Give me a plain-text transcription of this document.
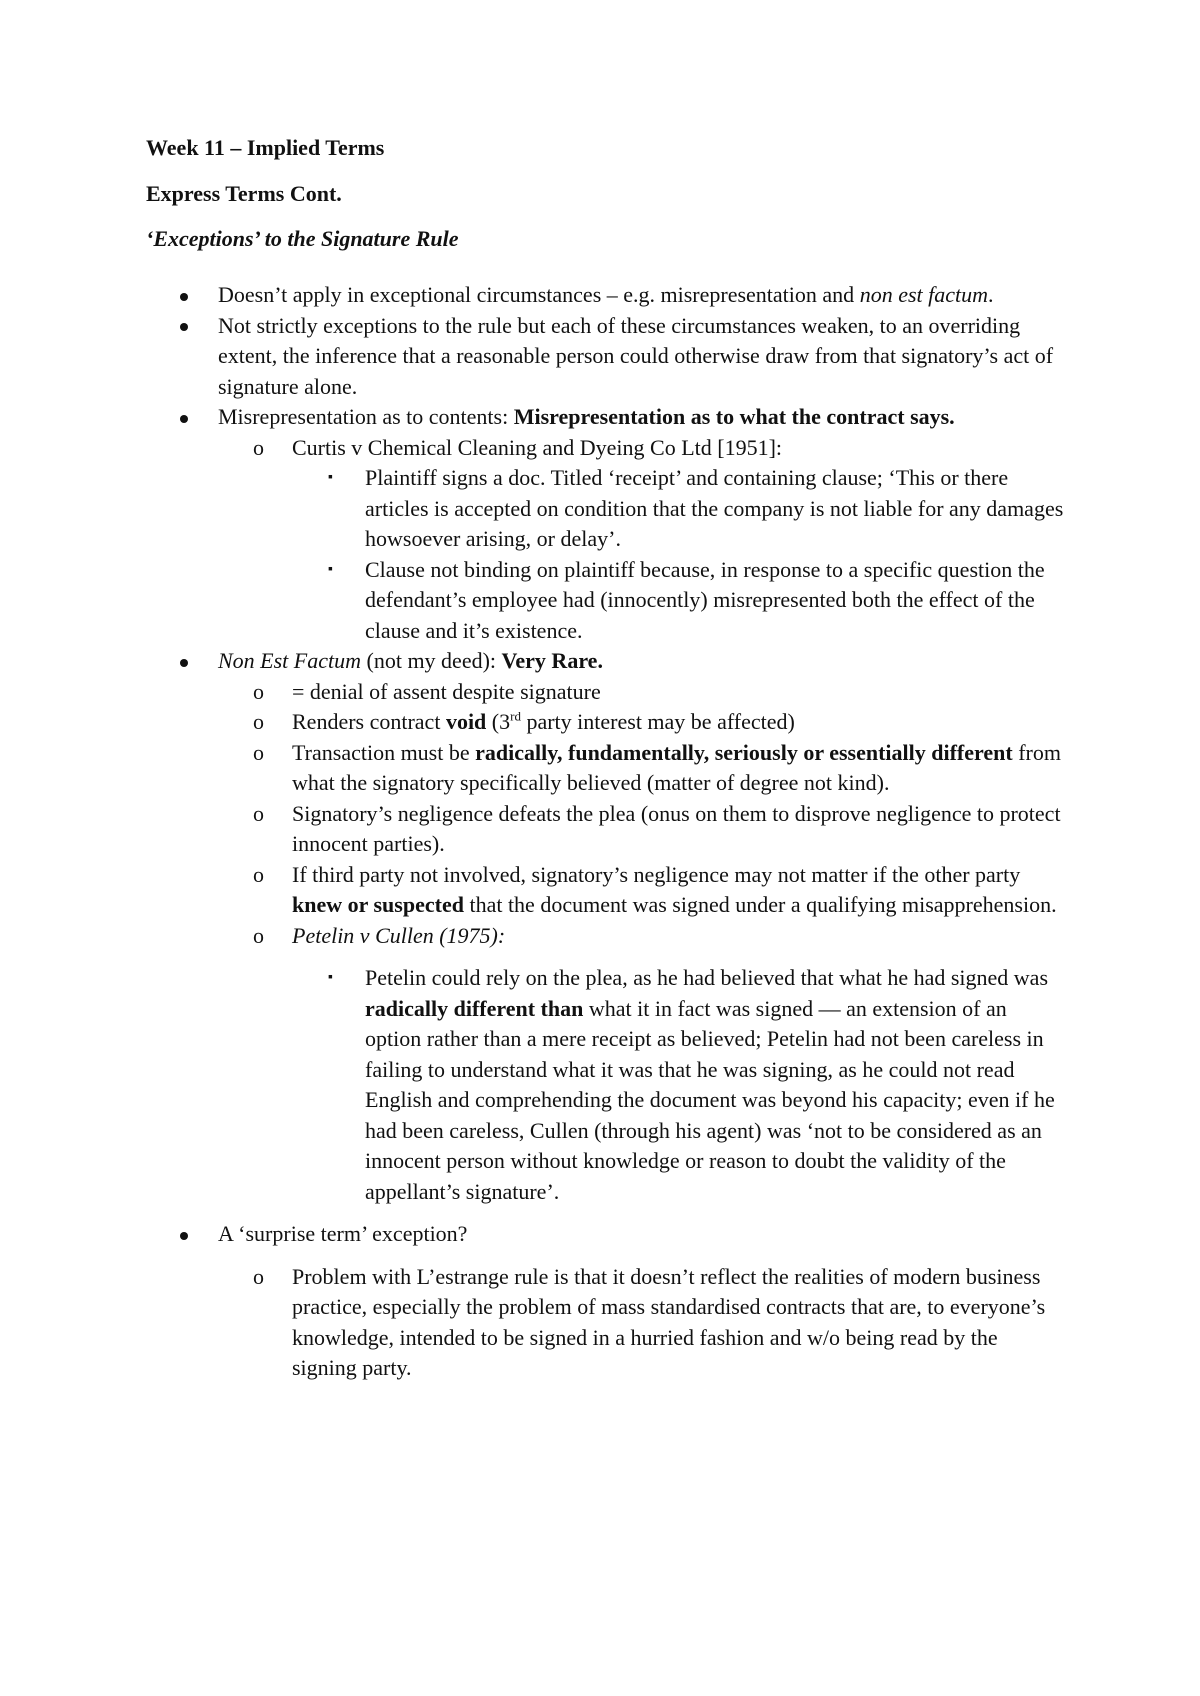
Week 11 – Implied Terms
Express Terms Cont.
‘Exceptions’ to the Signature Rule
Doesn’t apply in exceptional circumstances – e.g. misrepresentation and non est factum.
Not strictly exceptions to the rule but each of these circumstances weaken, to an overriding extent, the inference that a reasonable person could otherwise draw from that signatory’s act of signature alone.
Misrepresentation as to contents: Misrepresentation as to what the contract says.
o Curtis v Chemical Cleaning and Dyeing Co Ltd [1951]:
▪ Plaintiff signs a doc. Titled ‘receipt’ and containing clause; ‘This or there articles is accepted on condition that the company is not liable for any damages howsoever arising, or delay’.
▪ Clause not binding on plaintiff because, in response to a specific question the defendant’s employee had (innocently) misrepresented both the effect of the clause and it’s existence.
Non Est Factum (not my deed): Very Rare.
o = denial of assent despite signature
o Renders contract void (3rd party interest may be affected)
o Transaction must be radically, fundamentally, seriously or essentially different from what the signatory specifically believed (matter of degree not kind).
o Signatory’s negligence defeats the plea (onus on them to disprove negligence to protect innocent parties).
o If third party not involved, signatory’s negligence may not matter if the other party knew or suspected that the document was signed under a qualifying misapprehension.
o Petelin v Cullen (1975):
▪ Petelin could rely on the plea, as he had believed that what he had signed was radically different than what it in fact was signed — an extension of an option rather than a mere receipt as believed; Petelin had not been careless in failing to understand what it was that he was signing, as he could not read English and comprehending the document was beyond his capacity; even if he had been careless, Cullen (through his agent) was ‘not to be considered as an innocent person without knowledge or reason to doubt the validity of the appellant’s signature’.
A ‘surprise term’ exception?
o Problem with L’estrange rule is that it doesn’t reflect the realities of modern business practice, especially the problem of mass standardised contracts that are, to everyone’s knowledge, intended to be signed in a hurried fashion and w/o being read by the signing party.
